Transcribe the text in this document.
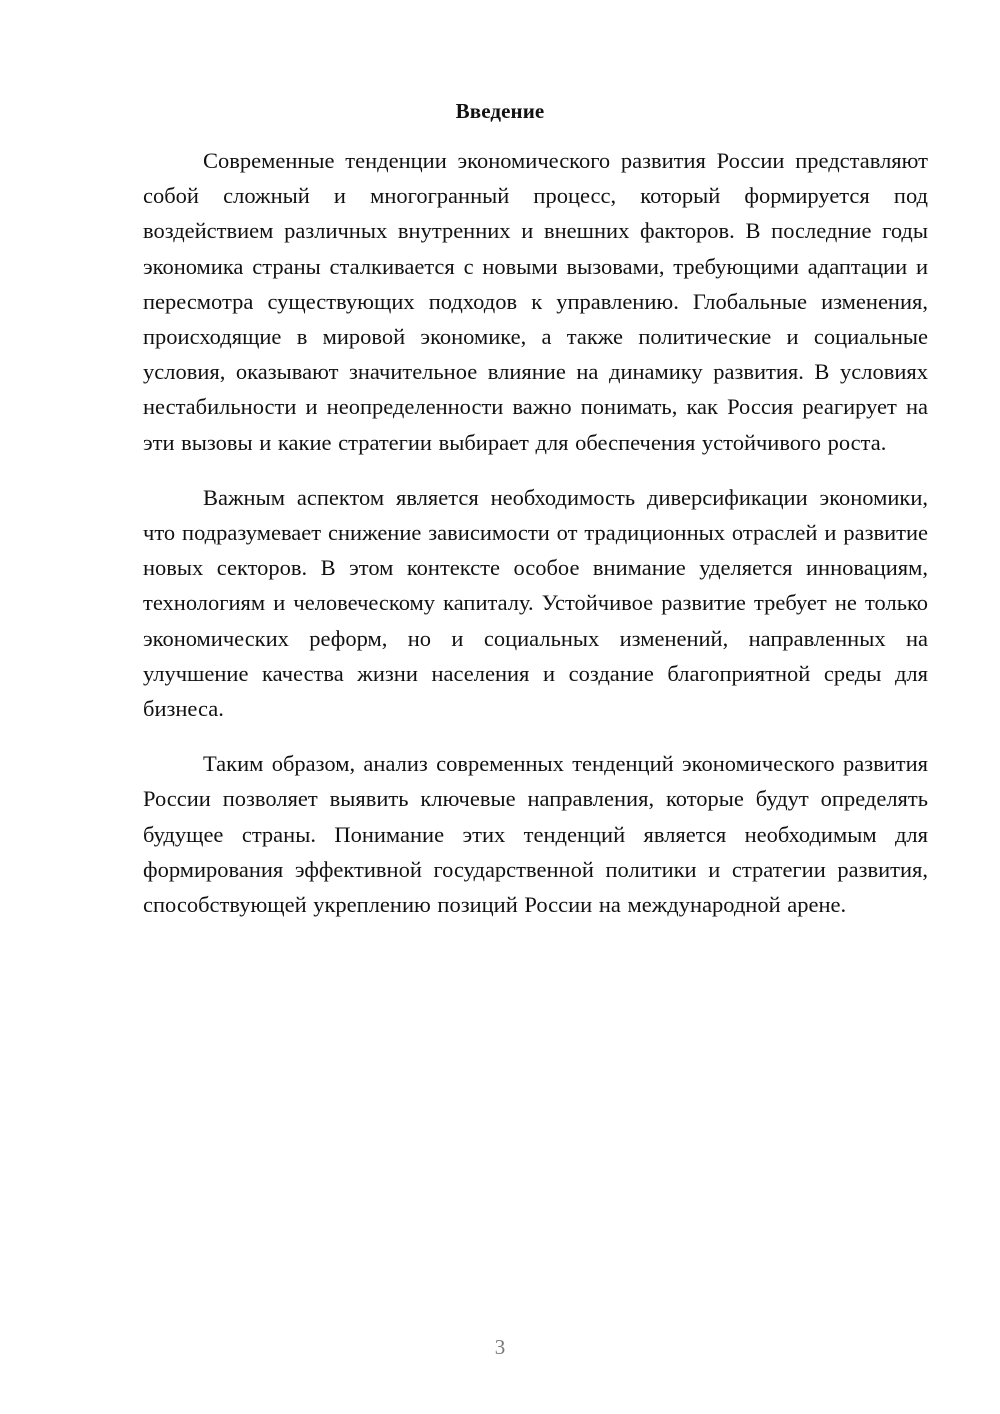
Введение

Современные тенденции экономического развития России представляют собой сложный и многогранный процесс, который формируется под воздействием различных внутренних и внешних факторов. В последние годы экономика страны сталкивается с новыми вызовами, требующими адаптации и пересмотра существующих подходов к управлению. Глобальные изменения, происходящие в мировой экономике, а также политические и социальные условия, оказывают значительное влияние на динамику развития. В условиях нестабильности и неопределенности важно понимать, как Россия реагирует на эти вызовы и какие стратегии выбирает для обеспечения устойчивого роста.

Важным аспектом является необходимость диверсификации экономики, что подразумевает снижение зависимости от традиционных отраслей и развитие новых секторов. В этом контексте особое внимание уделяется инновациям, технологиям и человеческому капиталу. Устойчивое развитие требует не только экономических реформ, но и социальных изменений, направленных на улучшение качества жизни населения и создание благоприятной среды для бизнеса.

Таким образом, анализ современных тенденций экономического развития России позволяет выявить ключевые направления, которые будут определять будущее страны. Понимание этих тенденций является необходимым для формирования эффективной государственной политики и стратегии развития, способствующей укреплению позиций России на международной арене.

3
